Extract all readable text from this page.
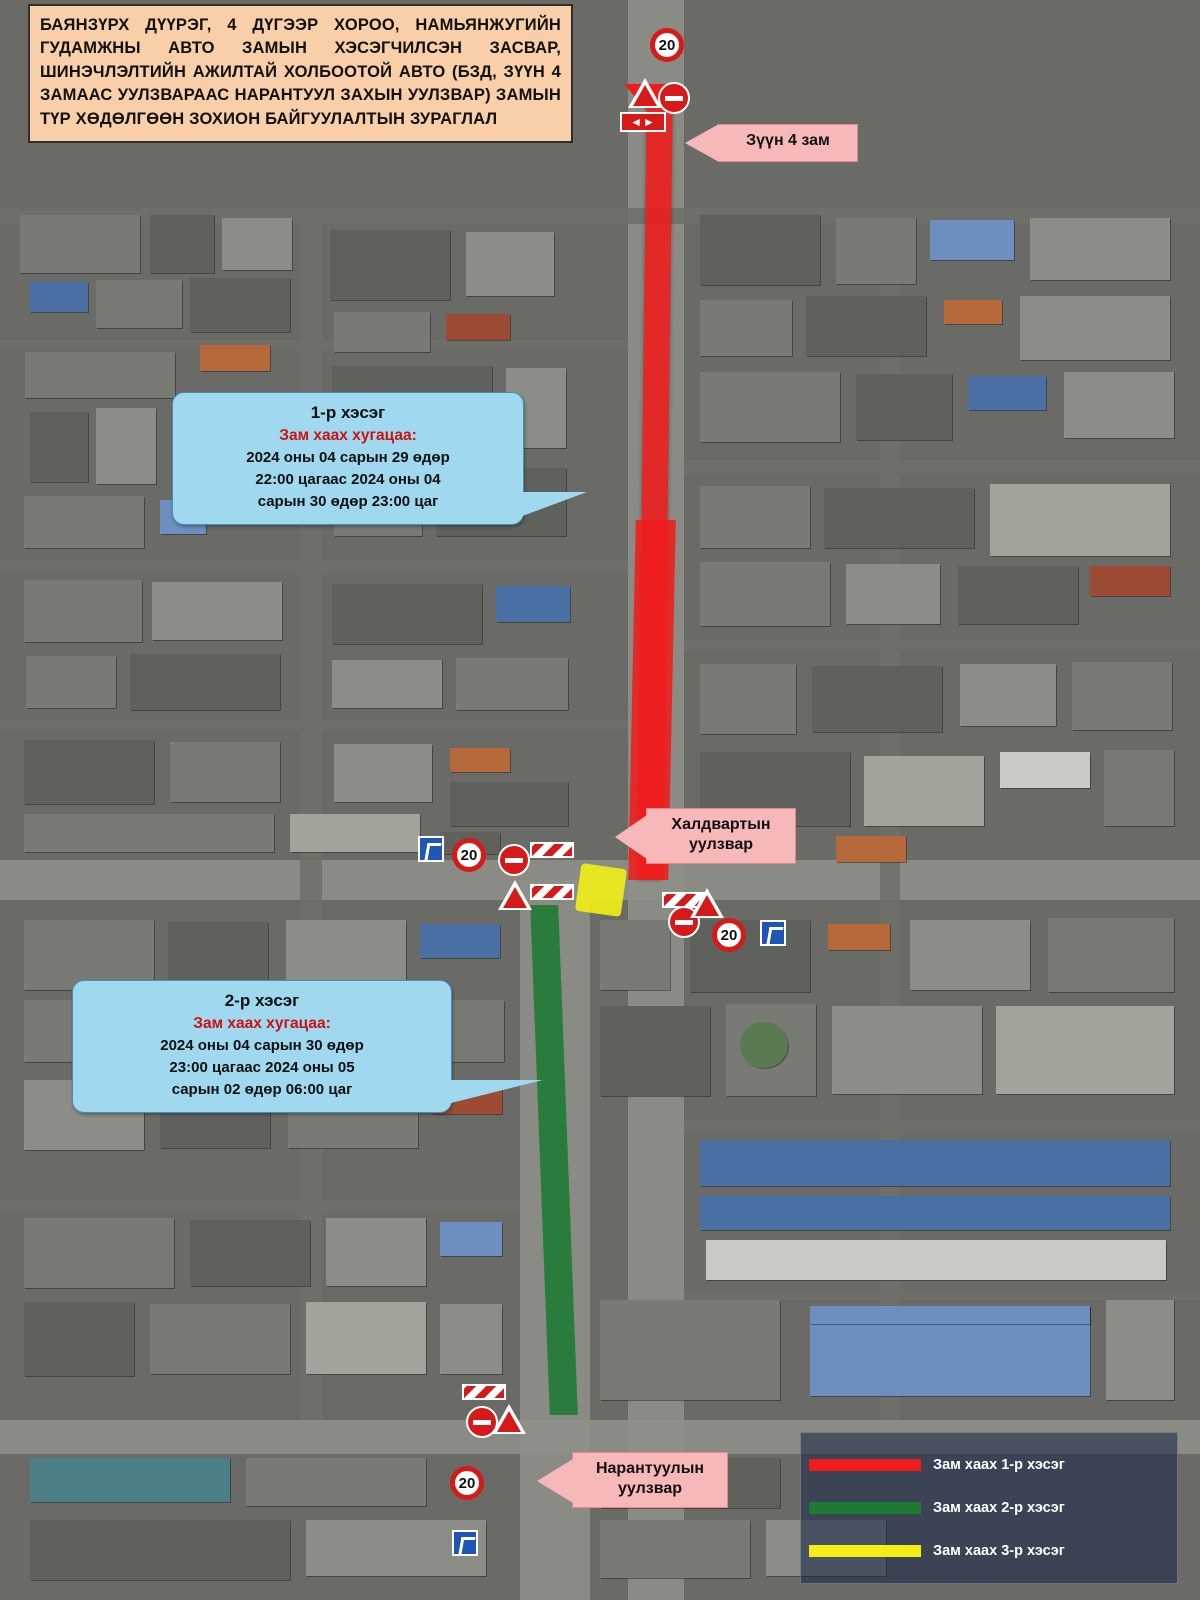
БАЯНЗҮРХ ДҮҮРЭГ, 4 ДҮГЭЭР ХОРОО, НАМЬЯНЖУГИЙН ГУДАМЖНЫ АВТО ЗАМЫН ХЭСЭГЧИЛСЭН ЗАСВАР, ШИНЭЧЛЭЛТИЙН АЖИЛТАЙ ХОЛБООТОЙ АВТО (БЗД, ЗҮҮН 4 ЗАМААС УУЛЗВАРААС НАРАНТУУЛ ЗАХЫН УУЛЗВАР) ЗАМЫН ТҮР ХӨДӨЛГӨӨН ЗОХИОН БАЙГУУЛАЛТЫН ЗУРАГЛАЛ
1-р хэсэг
Зам хаах хугацаа:
2024 оны 04 сарын 29 өдөр
22:00 цагаас 2024 оны 04
сарын 30 өдөр 23:00 цаг
2-р хэсэг
Зам хаах хугацаа:
2024 оны 04 сарын 30 өдөр
23:00 цагаас 2024 оны 05
сарын 02 өдөр 06:00 цаг
Зүүн 4 зам
Халдвартын
уулзвар
Нарантуулын
уулзвар
20
◄►
20
20
20
Зам хаах 1-р хэсэг
Зам хаах 2-р хэсэг
Зам хаах 3-р хэсэг
